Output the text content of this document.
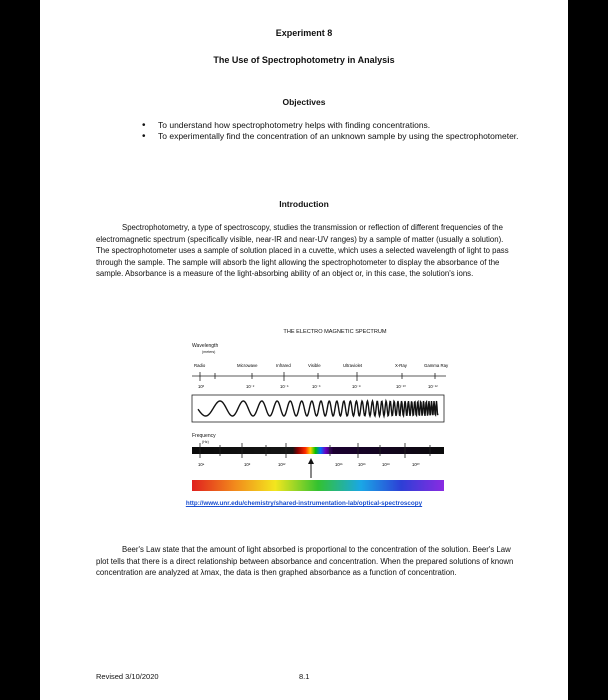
Experiment 8
The Use of Spectrophotometry in Analysis
Objectives
• To understand how spectrophotometry helps with finding concentrations.
• To experimentally find the concentration of an unknown sample by using the spectrophotometer.
Introduction
Spectrophotometry, a type of spectroscopy, studies the transmission or reflection of different frequencies of the electromagnetic spectrum (specifically visible, near-IR and near-UV ranges) by a sample of matter (usually a solution). The spectrophotometer uses a sample of solution placed in a cuvette, which uses a selected wavelength of light to pass through the sample. The sample will absorb the light allowing the spectrophotometer to display the absorbance of the sample. Absorbance is a measure of the light-absorbing ability of an object or, in this case, the solution's ions.
THE ELECTRO MAGNETIC SPECTRUM
Wavelength
(meters)
Radio	Microwave	Infrared	Visible	Ultraviolet	X-Ray	Gamma Ray
10³	10⁻²	10⁻⁵	10⁻⁶	10⁻⁸	10⁻¹⁰	10⁻¹²
Frequency
(Hz)
10⁴	10⁸	10¹²	10¹⁵	10¹⁶	10¹⁸	10²⁰
http://www.unr.edu/chemistry/shared-instrumentation-lab/optical-spectroscopy
Beer's Law state that the amount of light absorbed is proportional to the concentration of the solution. Beer's Law plot tells that there is a direct relationship between absorbance and concentration. When the prepared solutions of known concentration are analyzed at λmax, the data is then graphed absorbance as a function of concentration.
Revised 3/10/2020	8.1
